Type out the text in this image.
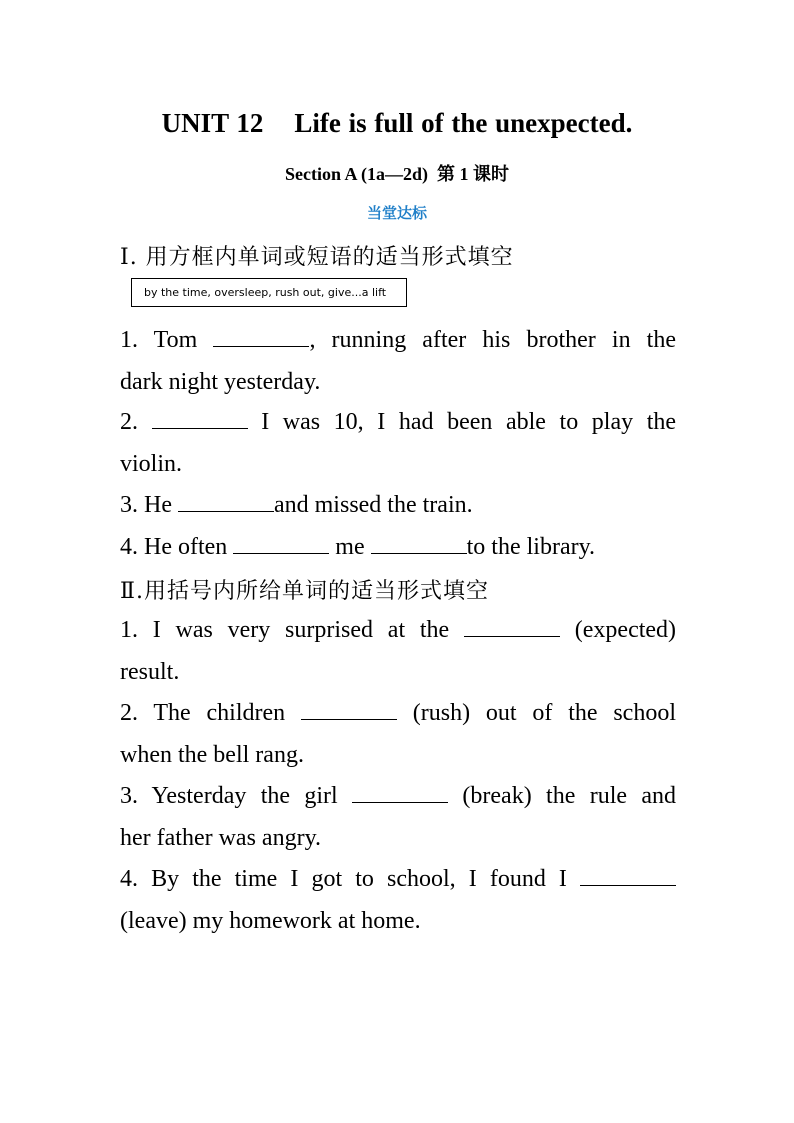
UNIT 12    Life is full of the unexpected.
Section A (1a—2d)  第 1 课时
当堂达标
Ⅰ. 用方框内单词或短语的适当形式填空
by the time, oversleep, rush out, give...a lift
1. Tom	, running after his brother in the
dark night yesterday.
2.	I was 10, I had been able to play the
violin.
3. He	and missed the train.
4. He often	me	to the library.
Ⅱ.用括号内所给单词的适当形式填空
1. I was very surprised at the	(expected)
result.
2. The children	(rush) out of the school
when the bell rang.
3. Yesterday the girl	(break) the rule and
her father was angry.
4. By the time I got to school, I found I
(leave) my homework at home.
